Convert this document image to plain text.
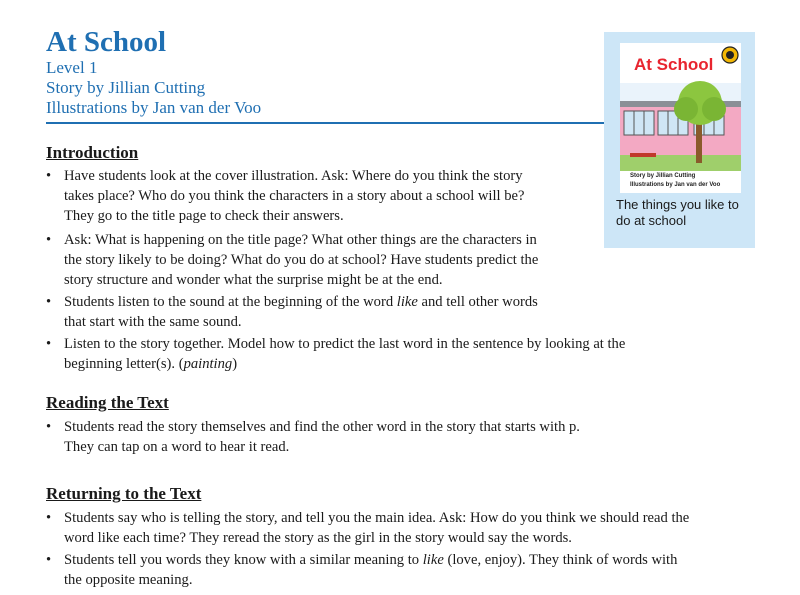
At School
Level 1
Story by Jillian Cutting
Illustrations by Jan van der Voo
At School
Story by Jillian Cutting
Illustrations by Jan van der Voo
The things you like to do at school
Introduction
• Have students look at the cover illustration. Ask: Where do you think the story
takes place? Who do you think the characters in a story about a school will be?
They go to the title page to check their answers.
• Ask: What is happening on the title page? What other things are the characters in
the story likely to be doing? What do you do at school? Have students predict the
story structure and wonder what the surprise might be at the end.
• Students listen to the sound at the beginning of the word like and tell other words
that start with the same sound.
• Listen to the story together. Model how to predict the last word in the sentence by looking at the
beginning letter(s). (painting)
Reading the Text
• Students read the story themselves and find the other word in the story that starts with p.
They can tap on a word to hear it read.
Returning to the Text
• Students say who is telling the story, and tell you the main idea. Ask: How do you think we should read the
word like each time? They reread the story as the girl in the story would say the words.
• Students tell you words they know with a similar meaning to like (love, enjoy). They think of words with
the opposite meaning.
